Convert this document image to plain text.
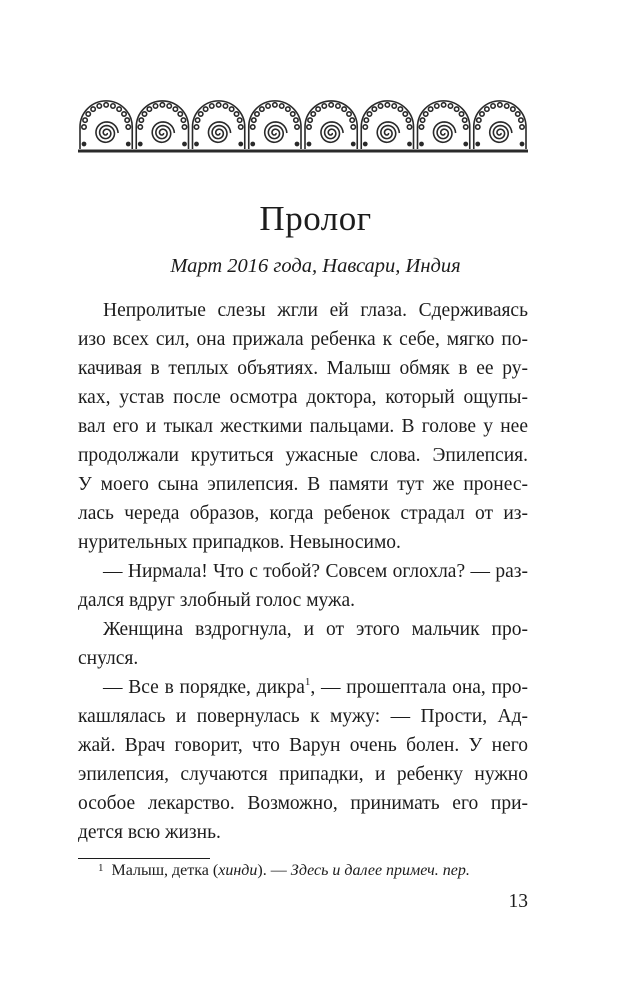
Пролог
Март 2016 года, Навсари, Индия
Непролитые слезы жгли ей глаза. Сдерживаясь
изо всех сил, она прижала ребенка к себе, мягко по-
качивая в теплых объятиях. Малыш обмяк в ее ру-
ках, устав после осмотра доктора, который ощупы-
вал его и тыкал жесткими пальцами. В голове у нее
продолжали крутиться ужасные слова. Эпилепсия.
У моего сына эпилепсия. В памяти тут же пронес-
лась череда образов, когда ребенок страдал от из-
нурительных припадков. Невыносимо.
— Нирмала! Что с тобой? Совсем оглохла? — раз-
дался вдруг злобный голос мужа.
Женщина вздрогнула, и от этого мальчик про-
снулся.
— Все в порядке, дикра$^1$, — прошептала она, про-
кашлялась и повернулась к мужу: — Прости, Ад-
жай. Врач говорит, что Варун очень болен. У него
эпилепсия, случаются припадки, и ребенку нужно
особое лекарство. Возможно, принимать его при-
дется всю жизнь.
$^1$ Малыш, детка (хинди). — Здесь и далее примеч. пер.
13
